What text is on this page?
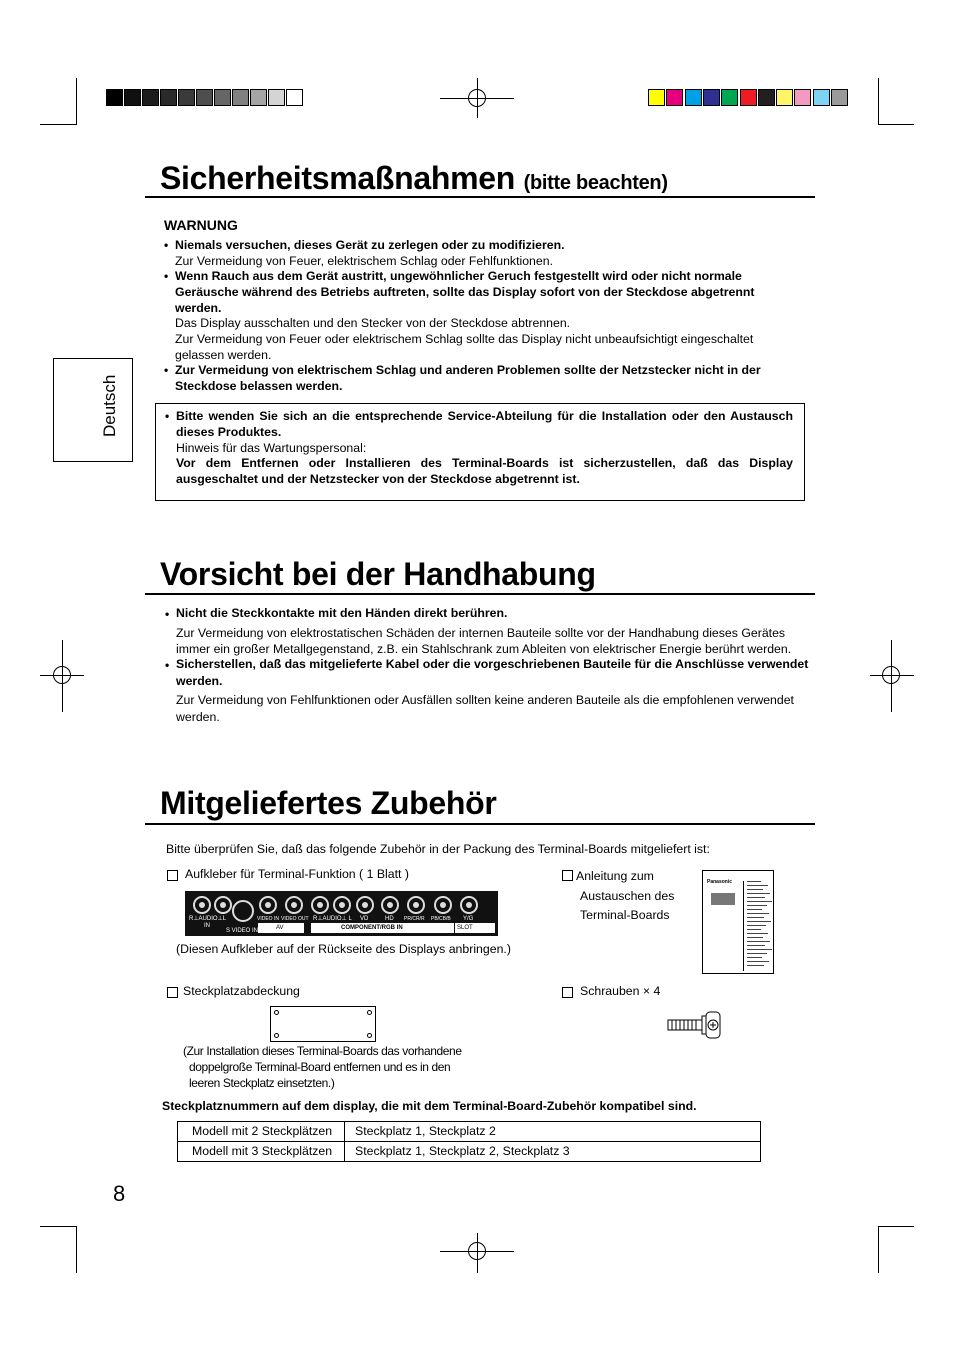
Deutsch
Sicherheitsmaßnahmen (bitte beachten)
WARNUNG
• Niemals versuchen, dieses Gerät zu zerlegen oder zu modifizieren.
Zur Vermeidung von Feuer, elektrischem Schlag oder Fehlfunktionen.
• Wenn Rauch aus dem Gerät austritt, ungewöhnlicher Geruch festgestellt wird oder nicht normale Geräusche während des Betriebs auftreten, sollte das Display sofort von der Steckdose abgetrennt werden.
Das Display ausschalten und den Stecker von der Steckdose abtrennen.
Zur Vermeidung von Feuer oder elektrischem Schlag sollte das Display nicht unbeaufsichtigt eingeschaltet gelassen werden.
• Zur Vermeidung von elektrischem Schlag und anderen Problemen sollte der Netzstecker nicht in der Steckdose belassen werden.
• Bitte wenden Sie sich an die entsprechende Service-Abteilung für die Installation oder den Austausch dieses Produktes.
Hinweis für das Wartungspersonal:
Vor dem Entfernen oder Installieren des Terminal-Boards ist sicherzustellen, daß das Display ausgeschaltet und der Netzstecker von der Steckdose abgetrennt ist.
Vorsicht bei der Handhabung
• Nicht die Steckkontakte mit den Händen direkt berühren.
Zur Vermeidung von elektrostatischen Schäden der internen Bauteile sollte vor der Handhabung dieses Gerätes immer ein großer Metallgegenstand, z.B. ein Stahlschrank zum Ableiten von elektrischer Energie berührt werden.
• Sicherstellen, daß das mitgelieferte Kabel oder die vorgeschriebenen Bauteile für die Anschlüsse verwendet werden.
Zur Vermeidung von Fehlfunktionen oder Ausfällen sollten keine anderen Bauteile als die empfohlenen verwendet werden.
Mitgeliefertes Zubehör
Bitte überprüfen Sie, daß das folgende Zubehör in der Packung des Terminal-Boards mitgeliefert ist:
Aufkleber für Terminal-Funktion ( 1 Blatt )
R⊥AUDIO⊥L
IN
S VIDEO IN
VIDEO IN VIDEO OUT
AV
R⊥AUDIO⊥ L VD	HD PR/CR/R PB/CB/B Y/G
COMPONENT/RGB IN	SLOT
(Diesen Aufkleber auf der Rückseite des Displays anbringen.)
Anleitung zum
Austauschen des
Terminal-Boards
Panasonic
Steckplatzabdeckung
(Zur Installation dieses Terminal-Boards das vorhandene
doppelgroße Terminal-Board entfernen und es in den
leeren Steckplatz einsetzten.)
Schrauben × 4
Steckplatznummern auf dem display, die mit dem Terminal-Board-Zubehör kompatibel sind.
Modell mit 2 Steckplätzen	Steckplatz 1, Steckplatz 2
Modell mit 3 Steckplätzen	Steckplatz 1, Steckplatz 2, Steckplatz 3
8
